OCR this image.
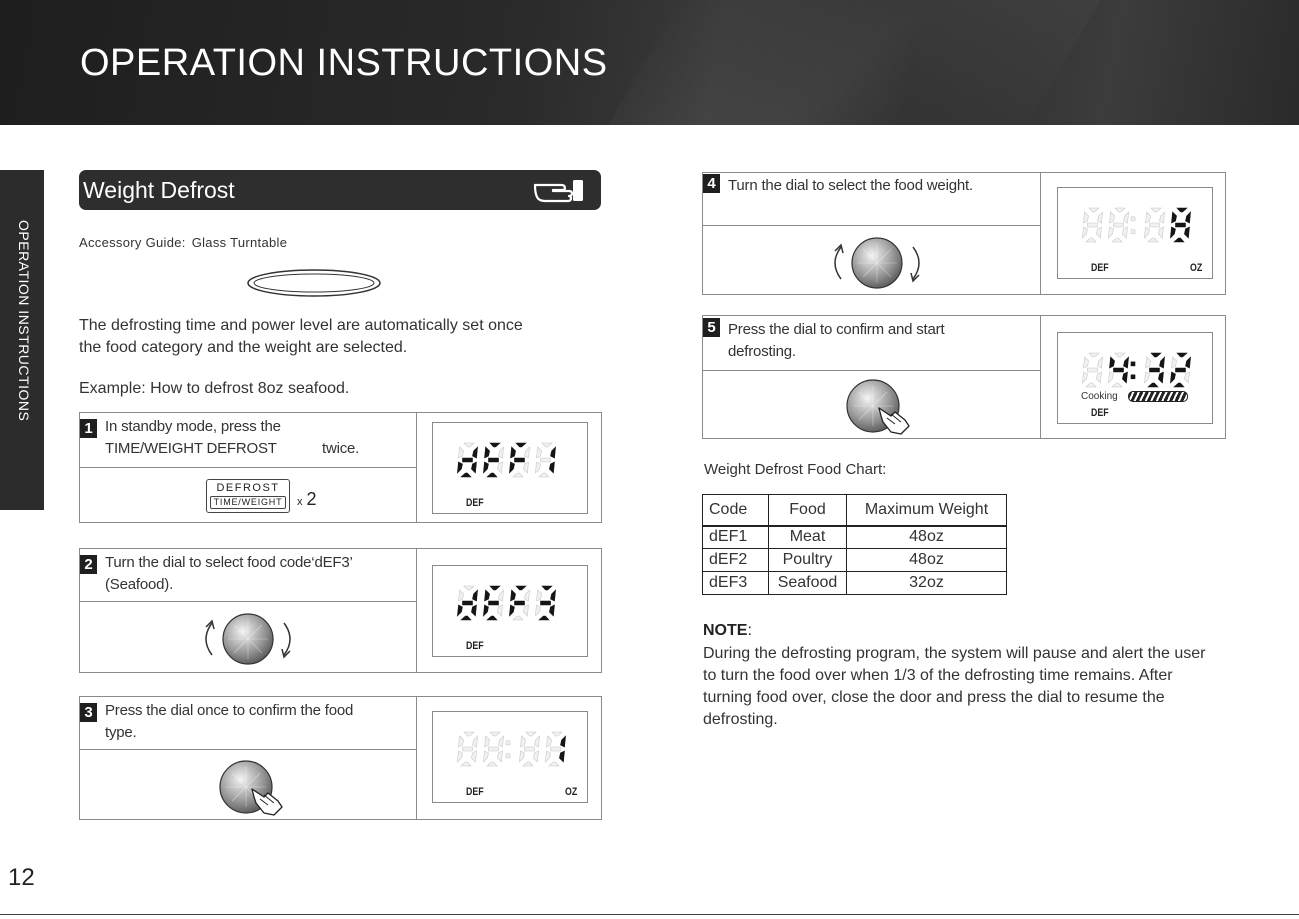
OPERATION INSTRUCTIONS
OPERATION INSTRUCTIONS
12
Weight Defrost
Accessory Guide: Glass Turntable
The defrosting time and power level are automatically set once
the food category and the weight are selected.
Example: How to defrost 8oz seafood.
1 In standby mode, press the
TIME/WEIGHT DEFROST	twice.
DEFROST
TIME/WEIGHT	x 2	DEF
2 Turn the dial to select food code‘dEF3’
(Seafood).
DEF
3 Press the dial once to confirm the food
type.
DEF	OZ
4 Turn the dial to select the food weight.
DEF	OZ
5 Press the dial to confirm and start
defrosting.
Cooking
DEF
Weight Defrost Food Chart:
Code	Food	Maximum Weight
dEF1	Meat	48oz
dEF2	Poultry	48oz
dEF3	Seafood	32oz
NOTE:
During the defrosting program, the system will pause and alert the user to turn the food over when 1/3 of the defrosting time remains. After turning food over, close the door and press the dial to resume the defrosting.
